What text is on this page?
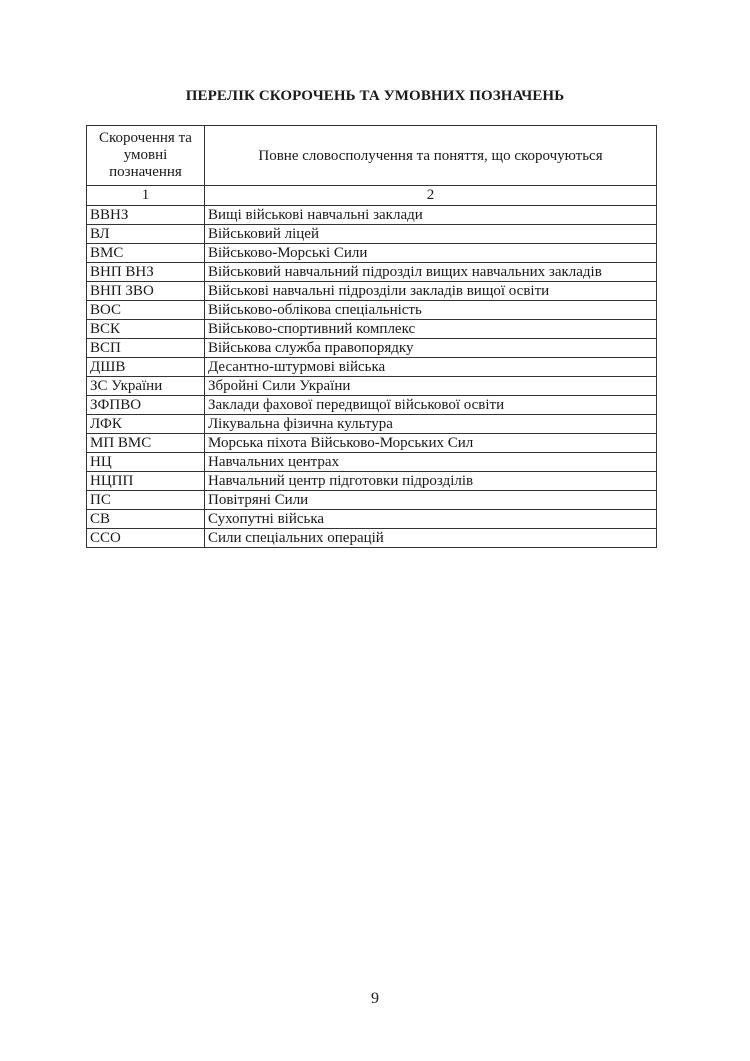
ПЕРЕЛІК СКОРОЧЕНЬ ТА УМОВНИХ ПОЗНАЧЕНЬ
Скорочення та умовні позначення	Повне словосполучення та поняття, що скорочуються
1	2
ВВНЗ	Вищі військові навчальні заклади
ВЛ	Військовий ліцей
ВМС	Військово-Морські Сили
ВНП ВНЗ	Військовий навчальний підрозділ вищих навчальних закладів
ВНП ЗВО	Військові навчальні підрозділи закладів вищої освіти
ВОС	Військово-облікова спеціальність
ВСК	Військово-спортивний комплекс
ВСП	Військова служба правопорядку
ДШВ	Десантно-штурмові війська
ЗС України	Збройні Сили України
ЗФПВО	Заклади фахової передвищої військової освіти
ЛФК	Лікувальна фізична культура
МП ВМС	Морська піхота Військово-Морських Сил
НЦ	Навчальних центрах
НЦПП	Навчальний центр підготовки підрозділів
ПС	Повітряні Сили
СВ	Сухопутні війська
ССО	Сили спеціальних операцій
9
